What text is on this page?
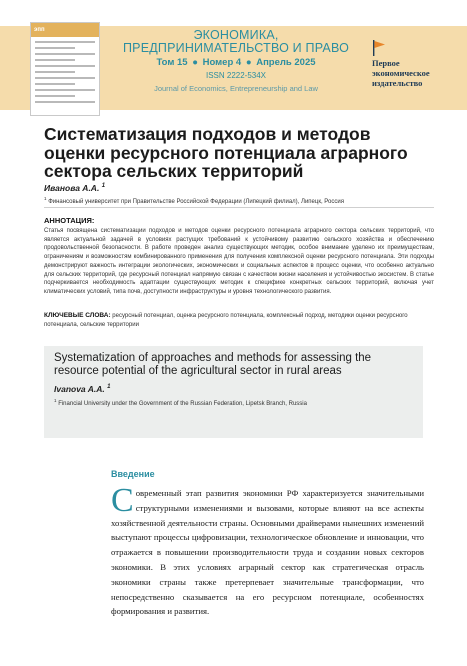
эпп	ЭКОНОМИКА,
ПРЕДПРИНИМАТЕЛЬСТВО И ПРАВО
Том 15 ● Номер 4 ● Апрель 2025
ISSN 2222-534X
Journal of Economics, Entrepreneurship and Law
Первое
экономическое
издательство
Систематизация подходов и методов оценки ресурсного потенциала аграрного сектора сельских территорий
Иванова А.А. $^1$
$^1$ Финансовый университет при Правительстве Российской Федерации (Липецкий филиал), Липецк, Россия
АННОТАЦИЯ:
Статья посвящена систематизации подходов и методов оценки ресурсного потенциала аграрного сектора сельских территорий, что является актуальной задачей в условиях растущих требований к устойчивому развитию сельского хозяйства и обеспечению продовольственной безопасности. В работе проведен анализ существующих методик, особое внимание уделено их преимуществам, ограничениям и возможностям комбинированного применения для получения комплексной оценки ресурсного потенциала. Эти подходы демонстрируют важность интеграции экологических, экономических и социальных аспектов в процесс оценки, что особенно актуально для сельских территорий, где ресурсный потенциал напрямую связан с качеством жизни населения и устойчивостью экосистем. В статье подчеркивается необходимость адаптации существующих методик к специфике конкретных сельских территорий, включая учет климатических условий, типа почв, доступности инфраструктуры и уровня технологического развития.
КЛЮЧЕВЫЕ СЛОВА: ресурсный потенциал, оценка ресурсного потенциала, комплексный подход, методики оценки ресурсного потенциала, сельские территории
Systematization of approaches and methods for assessing the resource potential of the agricultural sector in rural areas
Ivanova A.A. $^1$
$^1$ Financial University under the Government of the Russian Federation, Lipetsk Branch, Russia
Введение
С овременный этап развития экономики РФ характеризуется значительными структурными изменениями и вызовами, которые влияют на все аспекты хозяйственной деятельности страны. Основными драйверами нынешних изменений выступают процессы цифровизации, технологическое обновление и инновации, что отражается в повышении производительности труда и создании новых секторов экономики. В этих условиях аграрный сектор как стратегическая отрасль экономики страны также претерпевает значительные трансформации, что непосредственно сказывается на его ресурсном потенциале, особенностях формирования и развития.
